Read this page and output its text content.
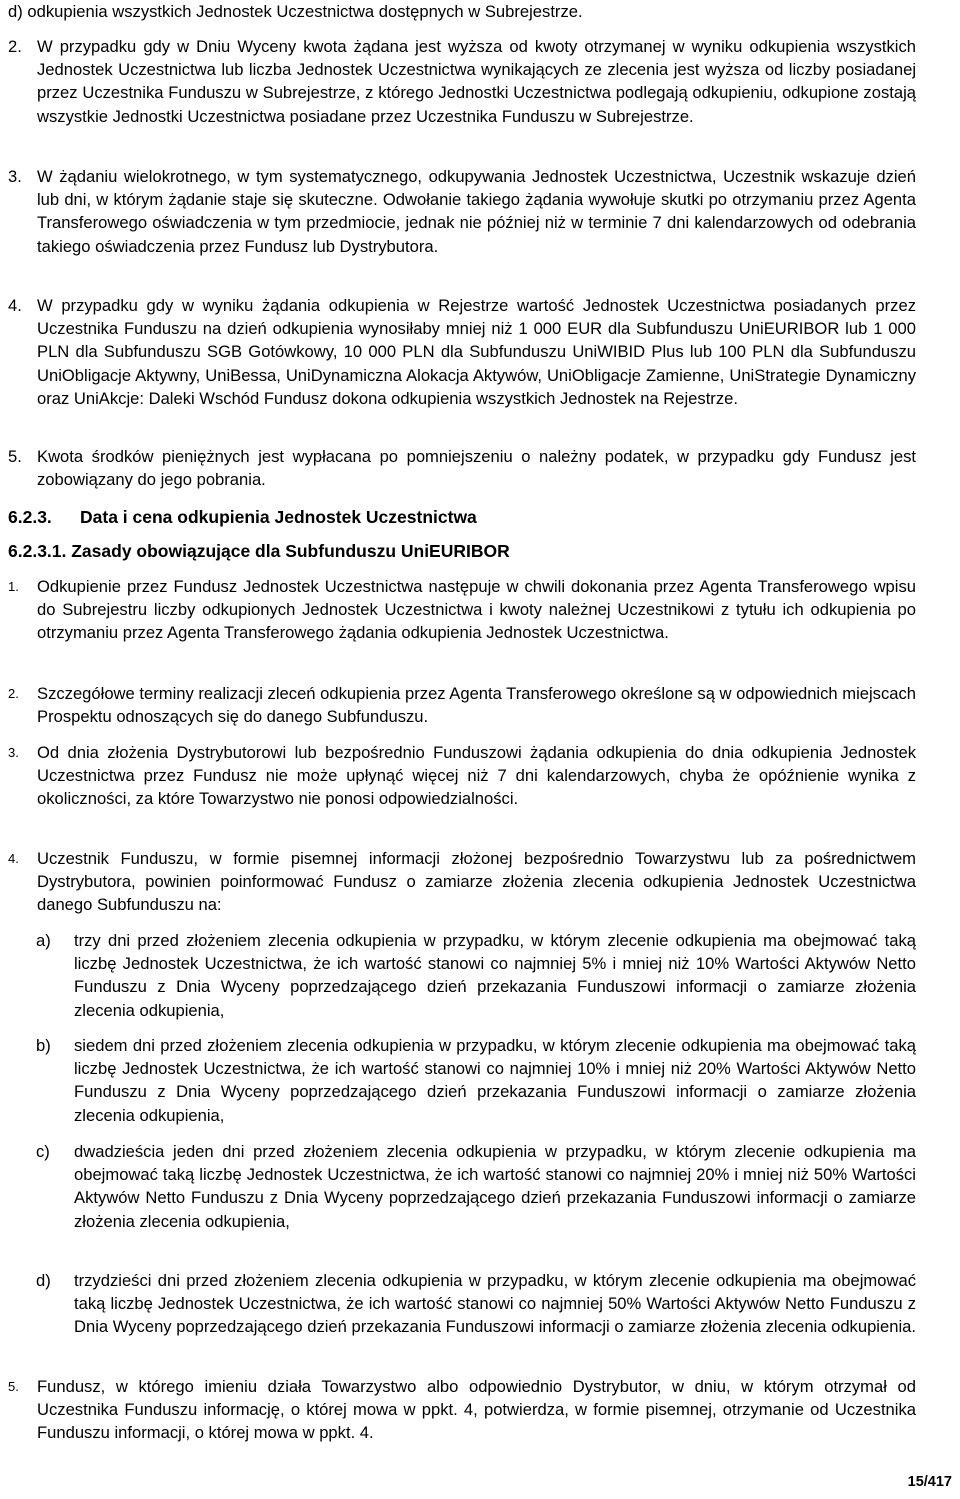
d) odkupienia wszystkich Jednostek Uczestnictwa dostępnych w Subrejestrze.
2. W przypadku gdy w Dniu Wyceny kwota żądana jest wyższa od kwoty otrzymanej w wyniku odkupienia wszystkich Jednostek Uczestnictwa lub liczba Jednostek Uczestnictwa wynikających ze zlecenia jest wyższa od liczby posiadanej przez Uczestnika Funduszu w Subrejestrze, z którego Jednostki Uczestnictwa podlegają odkupieniu, odkupione zostają wszystkie Jednostki Uczestnictwa posiadane przez Uczestnika Funduszu w Subrejestrze.
3. W żądaniu wielokrotnego, w tym systematycznego, odkupywania Jednostek Uczestnictwa, Uczestnik wskazuje dzień lub dni, w którym żądanie staje się skuteczne. Odwołanie takiego żądania wywołuje skutki po otrzymaniu przez Agenta Transferowego oświadczenia w tym przedmiocie, jednak nie później niż w terminie 7 dni kalendarzowych od odebrania takiego oświadczenia przez Fundusz lub Dystrybutora.
4. W przypadku gdy w wyniku żądania odkupienia w Rejestrze wartość Jednostek Uczestnictwa posiadanych przez Uczestnika Funduszu na dzień odkupienia wynosiłaby mniej niż 1 000 EUR dla Subfunduszu UniEURIBOR lub 1 000 PLN dla Subfunduszu SGB Gotówkowy, 10 000 PLN dla Subfunduszu UniWIBID Plus lub 100 PLN dla Subfunduszu UniObligacje Aktywny, UniBessa, UniDynamiczna Alokacja Aktywów, UniObligacje Zamienne, UniStrategie Dynamiczny oraz UniAkcje: Daleki Wschód Fundusz dokona odkupienia wszystkich Jednostek na Rejestrze.
5. Kwota środków pieniężnych jest wypłacana po pomniejszeniu o należny podatek, w przypadku gdy Fundusz jest zobowiązany do jego pobrania.
6.2.3. Data i cena odkupienia Jednostek Uczestnictwa
6.2.3.1. Zasady obowiązujące dla Subfunduszu UniEURIBOR
1.	Odkupienie przez Fundusz Jednostek Uczestnictwa następuje w chwili dokonania przez Agenta Transferowego wpisu do Subrejestru liczby odkupionych Jednostek Uczestnictwa i kwoty należnej Uczestnikowi z tytułu ich odkupienia po otrzymaniu przez Agenta Transferowego żądania odkupienia Jednostek Uczestnictwa.
2.	Szczegółowe terminy realizacji zleceń odkupienia przez Agenta Transferowego określone są w odpowiednich miejscach Prospektu odnoszących się do danego Subfunduszu.
3.	Od dnia złożenia Dystrybutorowi lub bezpośrednio Funduszowi żądania odkupienia do dnia odkupienia Jednostek Uczestnictwa przez Fundusz nie może upłynąć więcej niż 7 dni kalendarzowych, chyba że opóźnienie wynika z okoliczności, za które Towarzystwo nie ponosi odpowiedzialności.
4.	Uczestnik Funduszu, w formie pisemnej informacji złożonej bezpośrednio Towarzystwu lub za pośrednictwem Dystrybutora, powinien poinformować Fundusz o zamiarze złożenia zlecenia odkupienia Jednostek Uczestnictwa danego Subfunduszu na:
a)	trzy dni przed złożeniem zlecenia odkupienia w przypadku, w którym zlecenie odkupienia ma obejmować taką liczbę Jednostek Uczestnictwa, że ich wartość stanowi co najmniej 5% i mniej niż 10% Wartości Aktywów Netto Funduszu z Dnia Wyceny poprzedzającego dzień przekazania Funduszowi informacji o zamiarze złożenia zlecenia odkupienia,
b)	siedem dni przed złożeniem zlecenia odkupienia w przypadku, w którym zlecenie odkupienia ma obejmować taką liczbę Jednostek Uczestnictwa, że ich wartość stanowi co najmniej 10% i mniej niż 20% Wartości Aktywów Netto Funduszu z Dnia Wyceny poprzedzającego dzień przekazania Funduszowi informacji o zamiarze złożenia zlecenia odkupienia,
c)	dwadzieścia jeden dni przed złożeniem zlecenia odkupienia w przypadku, w którym zlecenie odkupienia ma obejmować taką liczbę Jednostek Uczestnictwa, że ich wartość stanowi co najmniej 20% i mniej niż 50% Wartości Aktywów Netto Funduszu z Dnia Wyceny poprzedzającego dzień przekazania Funduszowi informacji o zamiarze złożenia zlecenia odkupienia,
d)	trzydzieści dni przed złożeniem zlecenia odkupienia w przypadku, w którym zlecenie odkupienia ma obejmować taką liczbę Jednostek Uczestnictwa, że ich wartość stanowi co najmniej 50% Wartości Aktywów Netto Funduszu z Dnia Wyceny poprzedzającego dzień przekazania Funduszowi informacji o zamiarze złożenia zlecenia odkupienia.
5.	Fundusz, w którego imieniu działa Towarzystwo albo odpowiednio Dystrybutor, w dniu, w którym otrzymał od Uczestnika Funduszu informację, o której mowa w ppkt. 4, potwierdza, w formie pisemnej, otrzymanie od Uczestnika Funduszu informacji, o której mowa w ppkt. 4.
15/417
